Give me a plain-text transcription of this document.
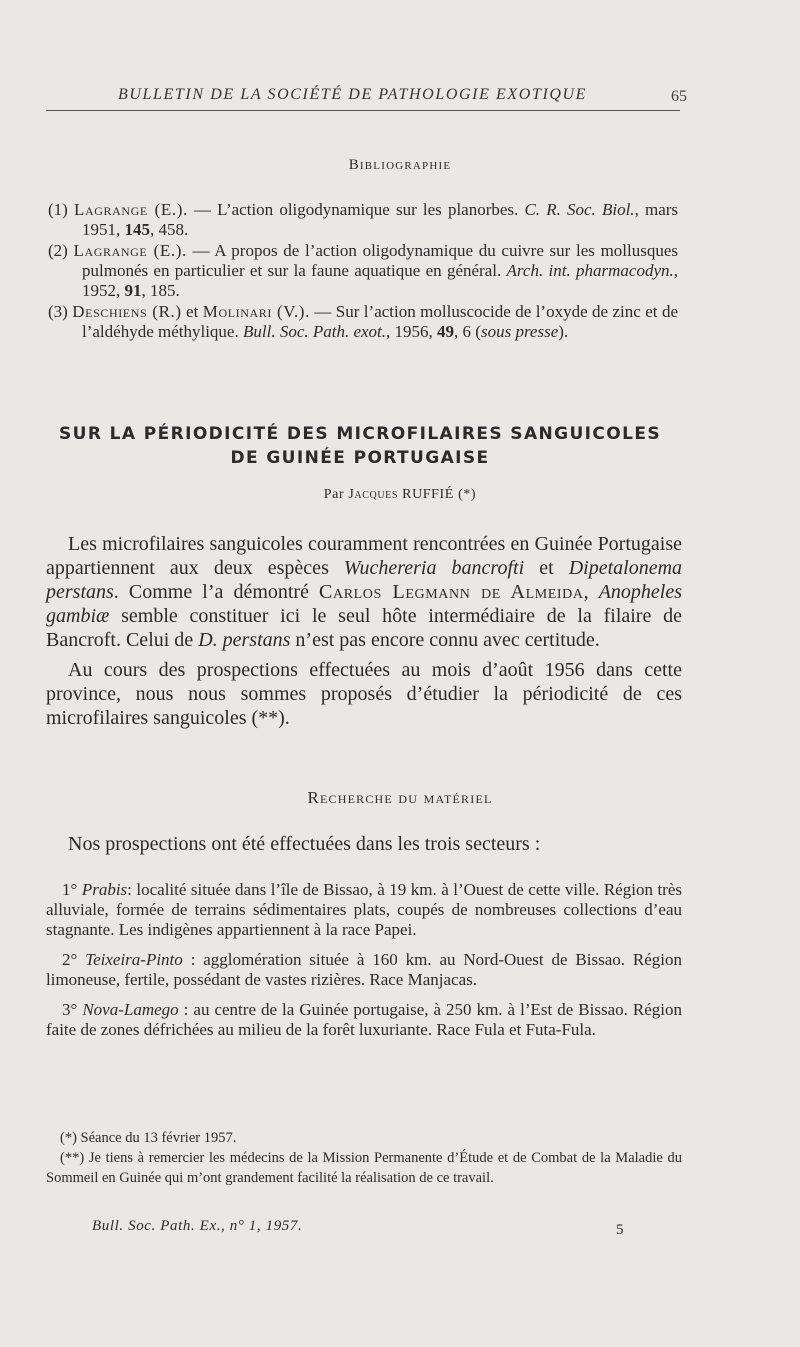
BULLETIN DE LA SOCIÉTÉ DE PATHOLOGIE EXOTIQUE	65
Bibliographie

(1) Lagrange (E.). — L’action oligodynamique sur les planorbes. C. R. Soc. Biol., mars 1951, 145, 458.

(2) Lagrange (E.). — A propos de l’action oligodynamique du cuivre sur les mollusques pulmonés en particulier et sur la faune aquatique en général. Arch. int. pharmacodyn., 1952, 91, 185.

(3) Deschiens (R.) et Molinari (V.). — Sur l’action molluscocide de l’oxyde de zinc et de l’aldéhyde méthylique. Bull. Soc. Path. exot., 1956, 49, 6 (sous presse).

SUR LA PÉRIODICITÉ DES MICROFILAIRES SANGUICOLES
DE GUINÉE PORTUGAISE
Par Jacques RUFFIÉ (*)

Les microfilaires sanguicoles couramment rencontrées en Guinée Portugaise appartiennent aux deux espèces Wuchereria bancrofti et Dipetalonema perstans. Comme l’a démontré Carlos Legmann de Almeida, Anopheles gambiæ semble constituer ici le seul hôte intermédiaire de la filaire de Bancroft. Celui de D. perstans n’est pas encore connu avec certitude.

Au cours des prospections effectuées au mois d’août 1956 dans cette province, nous nous sommes proposés d’étudier la périodicité de ces microfilaires sanguicoles (**).

Recherche du matériel

Nos prospections ont été effectuées dans les trois secteurs :

1° Prabis: localité située dans l’île de Bissao, à 19 km. à l’Ouest de cette ville. Région très alluviale, formée de terrains sédimentaires plats, coupés de nombreuses collections d’eau stagnante. Les indigènes appartiennent à la race Papei.

2° Teixeira-Pinto : agglomération située à 160 km. au Nord-Ouest de Bissao. Région limoneuse, fertile, possédant de vastes rizières. Race Manjacas.

3° Nova-Lamego : au centre de la Guinée portugaise, à 250 km. à l’Est de Bissao. Région faite de zones défrichées au milieu de la forêt luxuriante. Race Fula et Futa-Fula.

(*) Séance du 13 février 1957.

(**) Je tiens à remercier les médecins de la Mission Permanente d’Étude et de Combat de la Maladie du Sommeil en Guinée qui m’ont grandement facilité la réalisation de ce travail.

Bull. Soc. Path. Ex., n° 1, 1957.	5
